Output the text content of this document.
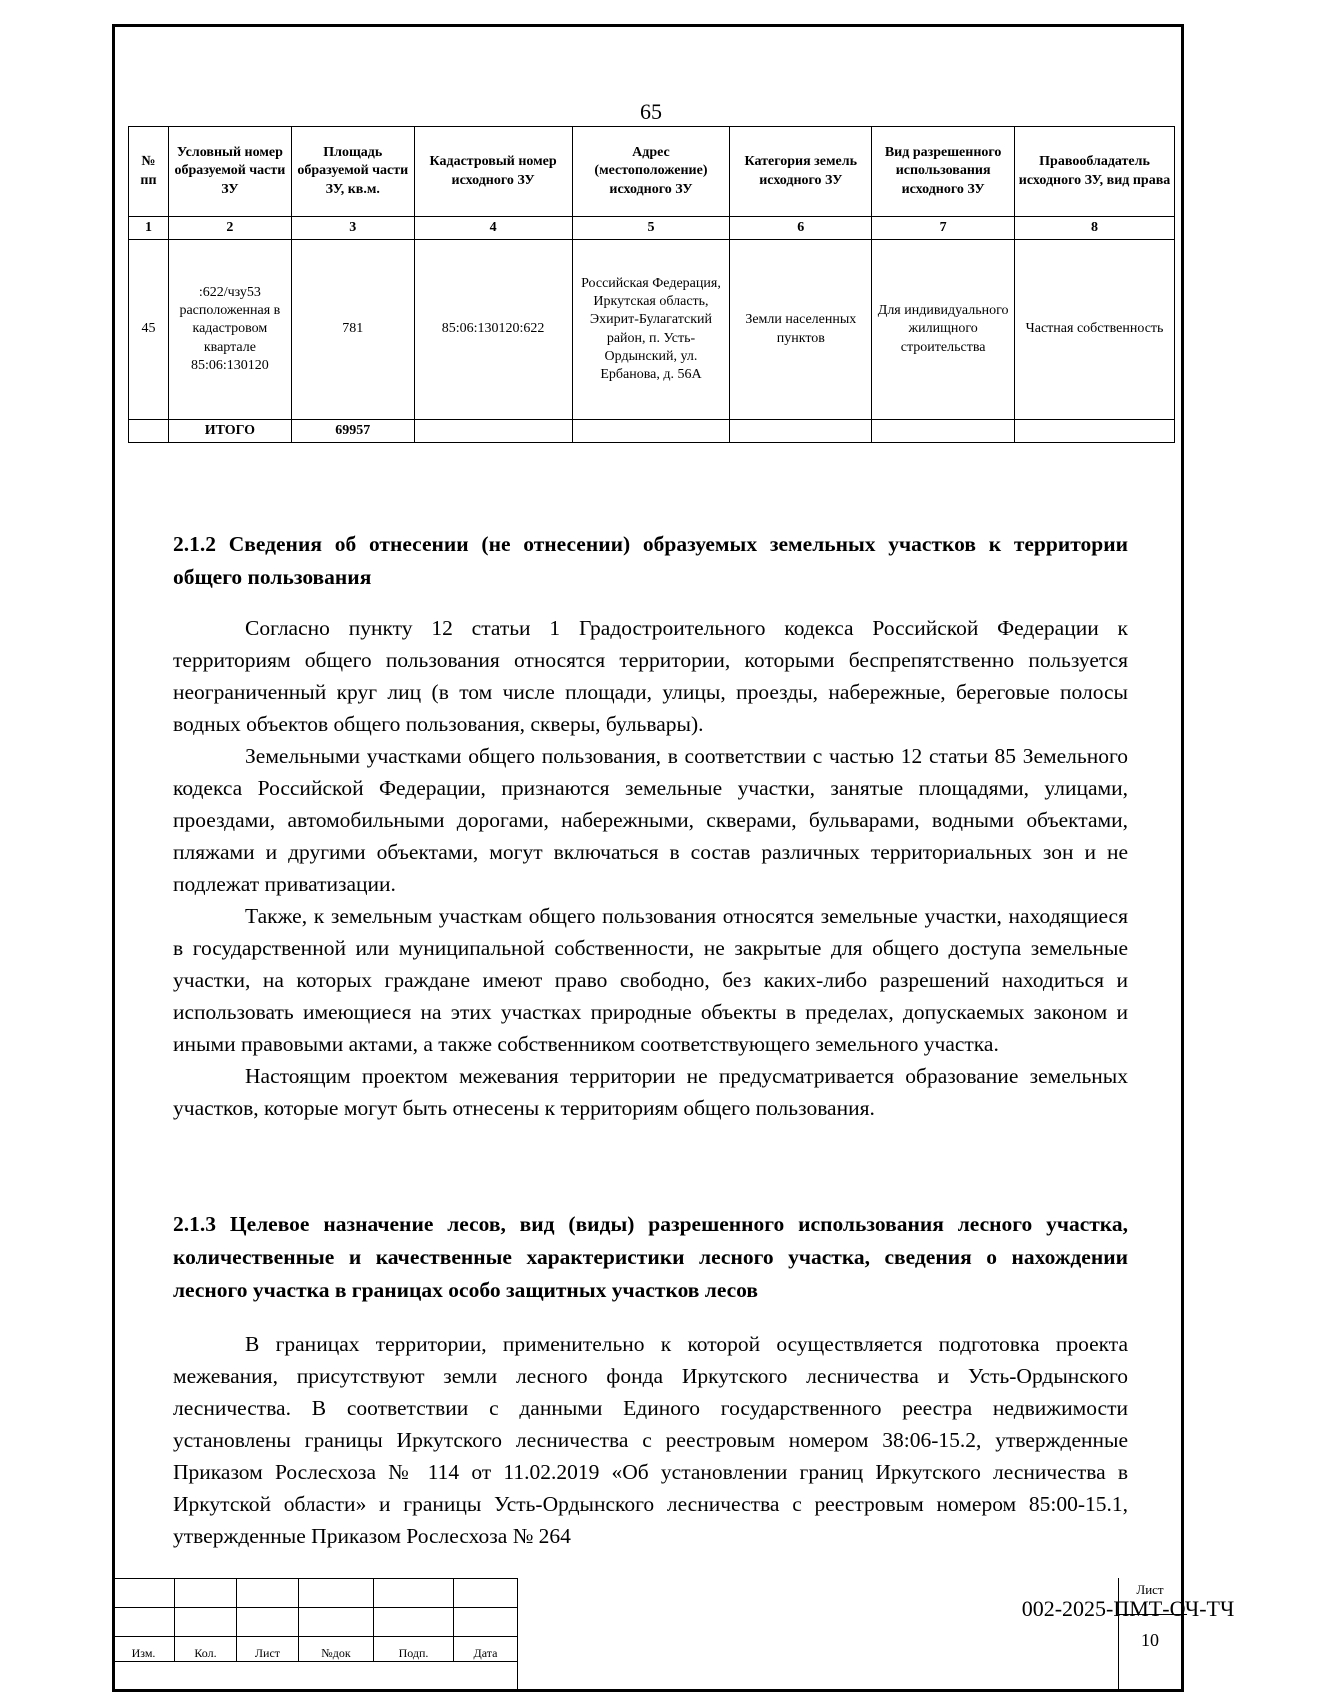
65
№ пп	Условный номер образуемой части ЗУ	Площадь образуемой части ЗУ, кв.м.	Кадастровый номер исходного ЗУ	Адрес (местоположение) исходного ЗУ	Категория земель исходного ЗУ	Вид разрешенного использования исходного ЗУ	Правообладатель исходного ЗУ, вид права
1	2	3	4	5	6	7	8
45	:622/чзу53 расположенная в кадастровом квартале 85:06:130120	781	85:06:130120:622	Российская Федерация, Иркутская область, Эхирит-Булагатский район, п. Усть-Ордынский, ул. Ербанова, д. 56А	Земли населенных пунктов	Для индивидуального жилищного строительства	Частная собственность
	ИТОГО	69957					
2.1.2 Сведения об отнесении (не отнесении) образуемых земельных участков к территории общего пользования

Согласно пункту 12 статьи 1 Градостроительного кодекса Российской Федерации к территориям общего пользования относятся территории, которыми беспрепятственно пользуется неограниченный круг лиц (в том числе площади, улицы, проезды, набережные, береговые полосы водных объектов общего пользования, скверы, бульвары).

Земельными участками общего пользования, в соответствии с частью 12 статьи 85 Земельного кодекса Российской Федерации, признаются земельные участки, занятые площадями, улицами, проездами, автомобильными дорогами, набережными, скверами, бульварами, водными объектами, пляжами и другими объектами, могут включаться в состав различных территориальных зон и не подлежат приватизации.

Также, к земельным участкам общего пользования относятся земельные участки, находящиеся в государственной или муниципальной собственности, не закрытые для общего доступа земельные участки, на которых граждане имеют право свободно, без каких-либо разрешений находиться и использовать имеющиеся на этих участках природные объекты в пределах, допускаемых законом и иными правовыми актами, а также собственником соответствующего земельного участка.

Настоящим проектом межевания территории не предусматривается образование земельных участков, которые могут быть отнесены к территориям общего пользования.

2.1.3 Целевое назначение лесов, вид (виды) разрешенного использования лесного участка, количественные и качественные характеристики лесного участка, сведения о нахождении лесного участка в границах особо защитных участков лесов

В границах территории, применительно к которой осуществляется подготовка проекта межевания, присутствуют земли лесного фонда Иркутского лесничества и Усть-Ордынского лесничества. В соответствии с данными Единого государственного реестра недвижимости установлены границы Иркутского лесничества с реестровым номером 38:06-15.2, утвержденные Приказом Рослесхоза № 114 от 11.02.2019 «Об установлении границ Иркутского лесничества в Иркутской области» и границы Усть-Ордынского лесничества с реестровым номером 85:00-15.1, утвержденные Приказом Рослесхоза № 264

Изм.	Кол.	Лист	№док	Подп.	Дата
002-2025-ПМТ-ОЧ-ТЧ
Лист
10
